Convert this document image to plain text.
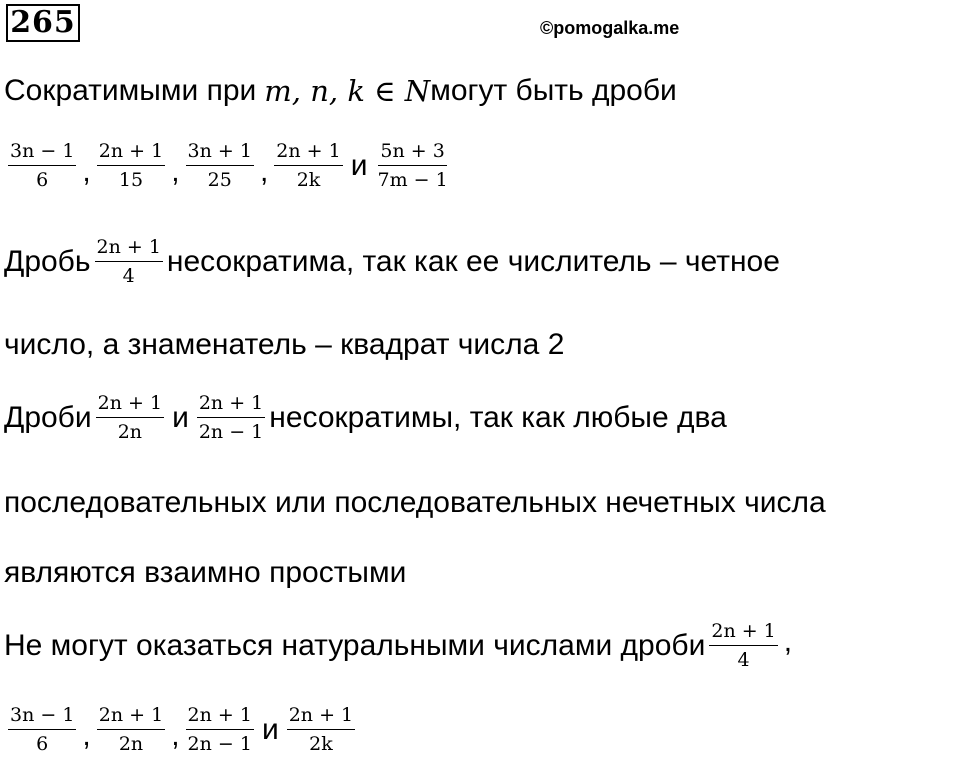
265	©pomogalka.me
Сократимыми при m, n, k ∈ N могут быть дроби
$\frac{3n - 1}{6}$ , $\frac{2n + 1}{15}$ , $\frac{3n + 1}{25}$ , $\frac{2n + 1}{2k}$ и $\frac{5n + 3}{7m - 1}$
Дробь $\frac{2n + 1}{4}$ несократима, так как ее числитель – четное
число, а знаменатель – квадрат числа 2
Дроби $\frac{2n + 1}{2n}$ и $\frac{2n + 1}{2n - 1}$ несократимы, так как любые два
последовательных или последовательных нечетных числа
являются взаимно простыми
Не могут оказаться натуральными числами дроби $\frac{2n + 1}{4}$ ,
$\frac{3n - 1}{6}$ , $\frac{2n + 1}{2n}$ , $\frac{2n + 1}{2n - 1}$ и $\frac{2n + 1}{2k}$
